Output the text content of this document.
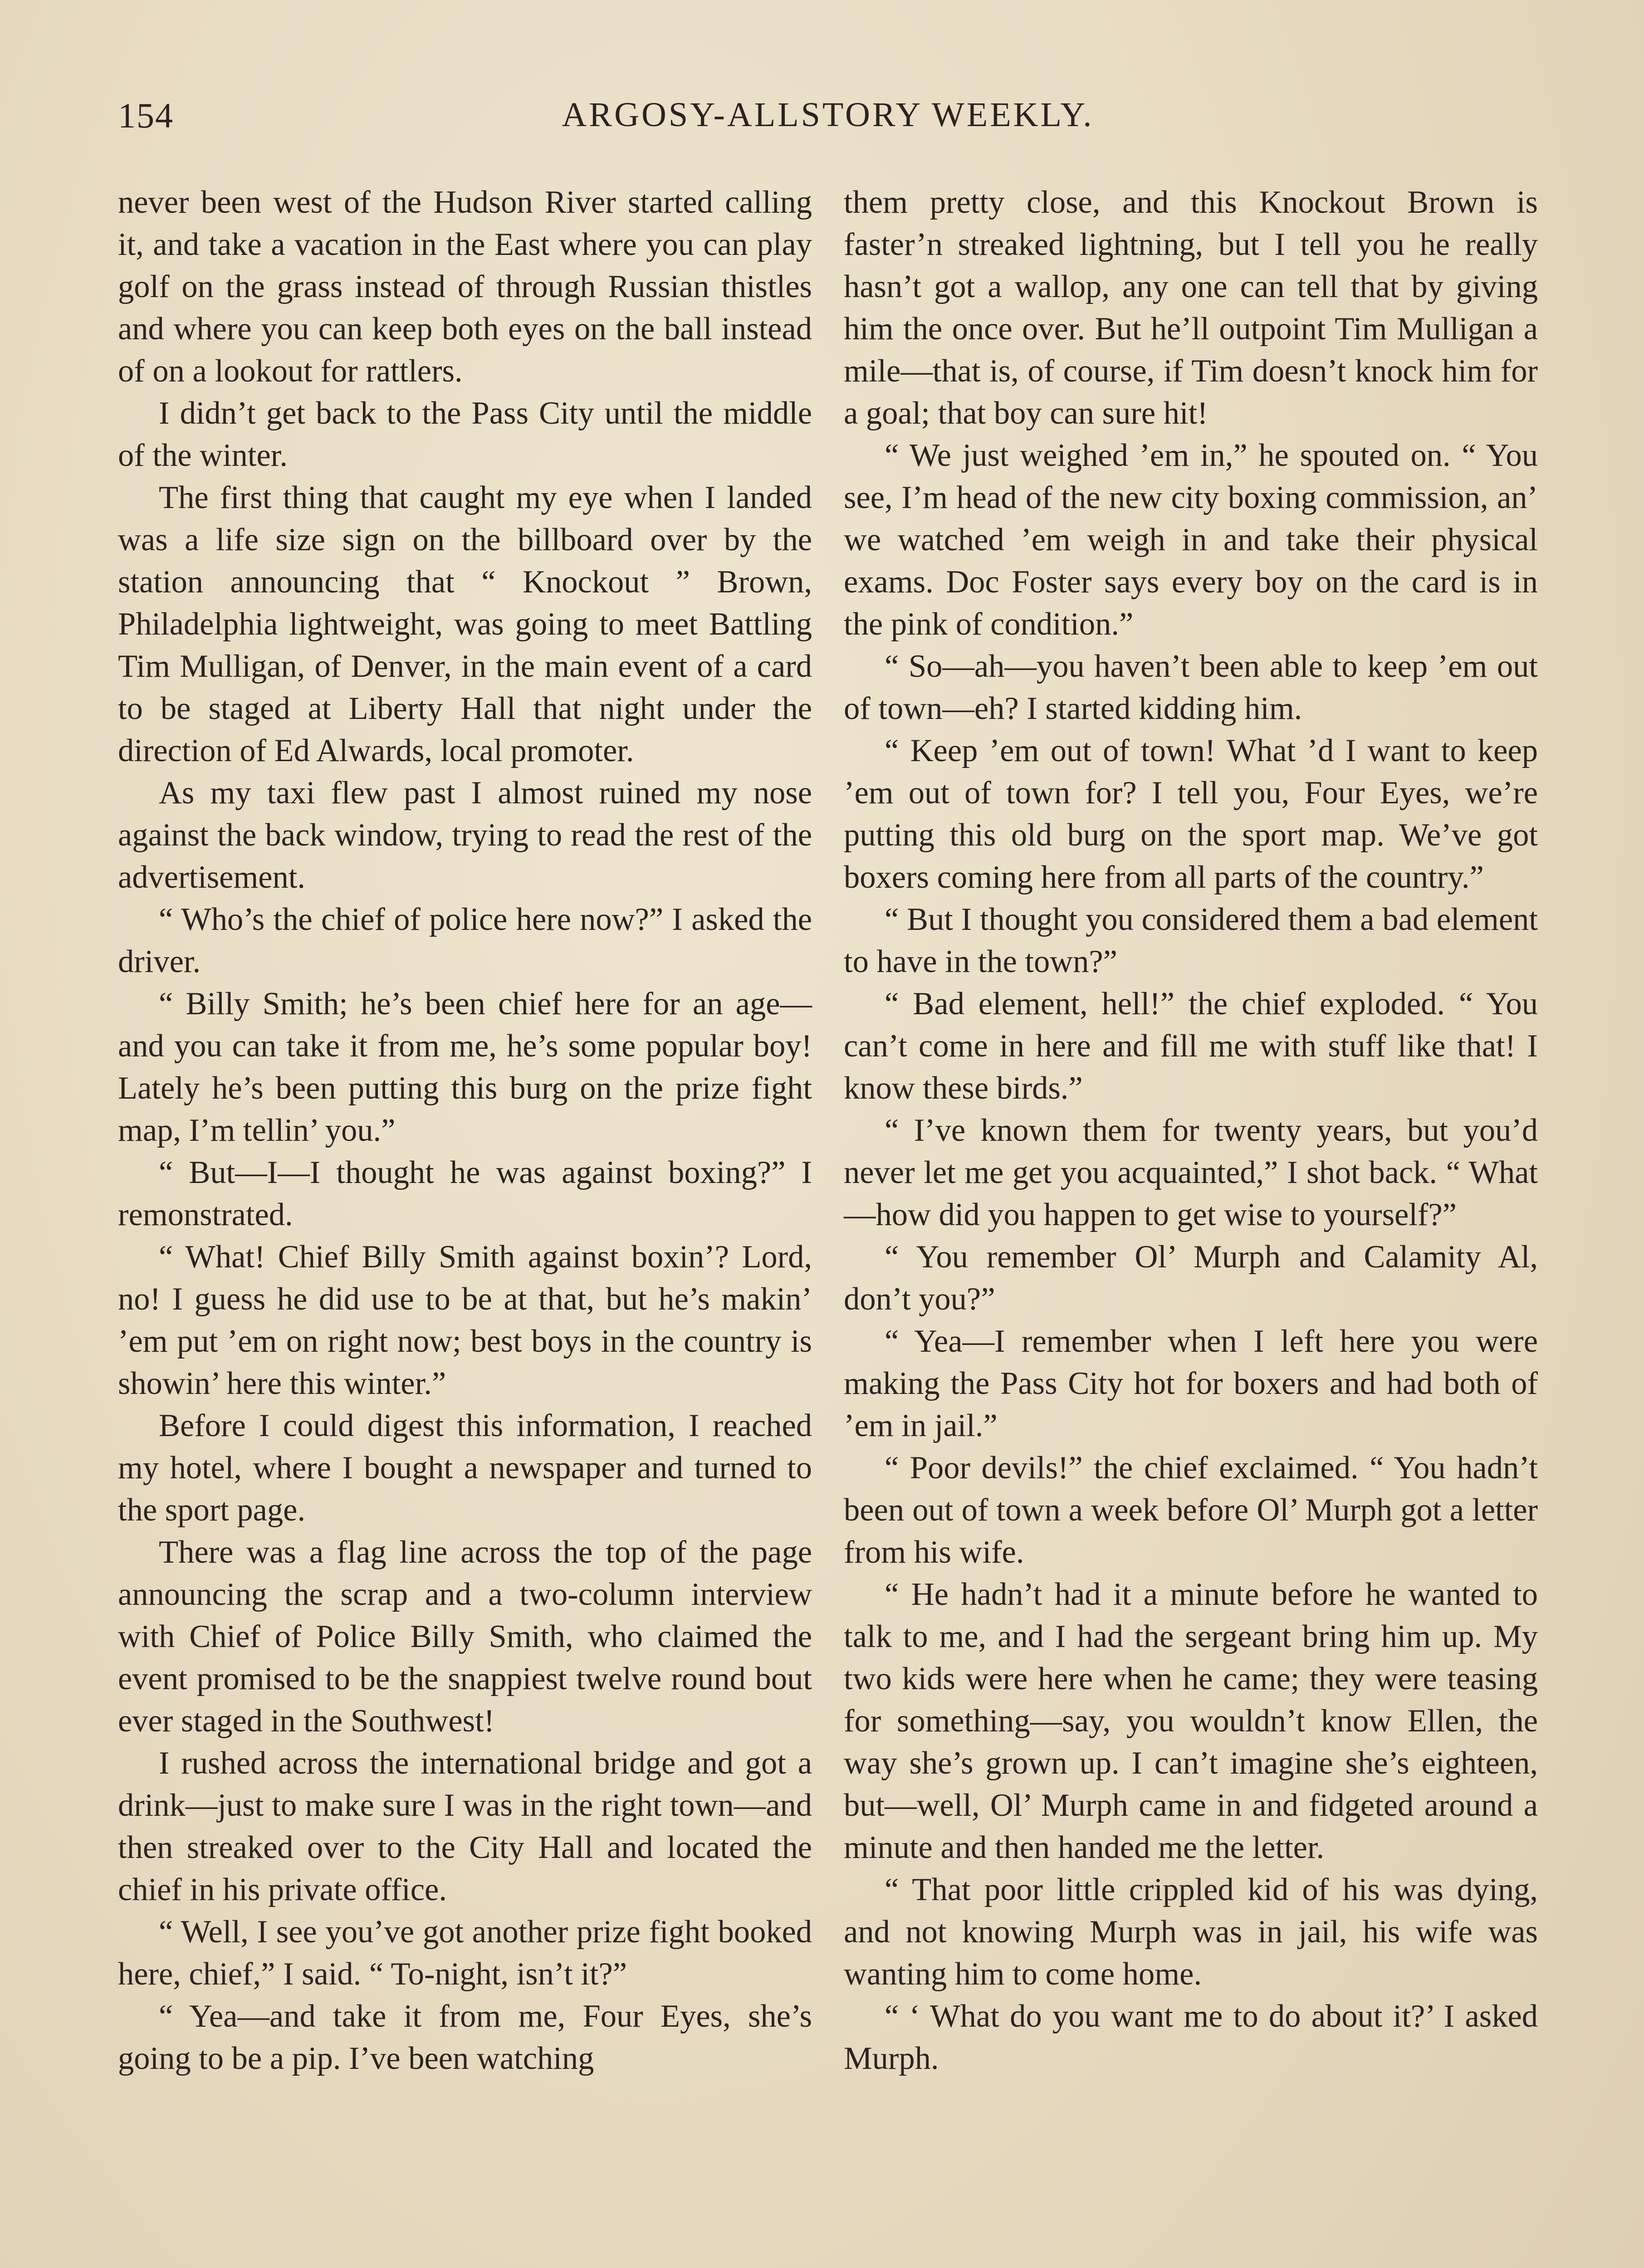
154	ARGOSY-ALLSTORY WEEKLY.

never been west of the Hudson River started calling it, and take a vacation in the East where you can play golf on the grass instead of through Russian thistles and where you can keep both eyes on the ball instead of on a lookout for rattlers.

I didn’t get back to the Pass City until the middle of the winter.

The first thing that caught my eye when I landed was a life size sign on the billboard over by the station announcing that “ Knockout ” Brown, Philadelphia lightweight, was going to meet Battling Tim Mulligan, of Denver, in the main event of a card to be staged at Liberty Hall that night under the direction of Ed Alwards, local promoter.

As my taxi flew past I almost ruined my nose against the back window, trying to read the rest of the advertisement.

“ Who’s the chief of police here now?” I asked the driver.

“ Billy Smith; he’s been chief here for an age—and you can take it from me, he’s some popular boy! Lately he’s been putting this burg on the prize fight map, I’m tellin’ you.”

“ But—I—I thought he was against boxing?” I remonstrated.

“ What! Chief Billy Smith against boxin’? Lord, no! I guess he did use to be at that, but he’s makin’ ’em put ’em on right now; best boys in the country is showin’ here this winter.”

Before I could digest this information, I reached my hotel, where I bought a newspaper and turned to the sport page.

There was a flag line across the top of the page announcing the scrap and a two-column interview with Chief of Police Billy Smith, who claimed the event promised to be the snappiest twelve round bout ever staged in the Southwest!

I rushed across the international bridge and got a drink—just to make sure I was in the right town—and then streaked over to the City Hall and located the chief in his private office.

“ Well, I see you’ve got another prize fight booked here, chief,” I said. “ To-night, isn’t it?”

“ Yea—and take it from me, Four Eyes, she’s going to be a pip. I’ve been watching

them pretty close, and this Knockout Brown is faster’n streaked lightning, but I tell you he really hasn’t got a wallop, any one can tell that by giving him the once over. But he’ll outpoint Tim Mulligan a mile—that is, of course, if Tim doesn’t knock him for a goal; that boy can sure hit!

“ We just weighed ’em in,” he spouted on. “ You see, I’m head of the new city boxing commission, an’ we watched ’em weigh in and take their physical exams. Doc Foster says every boy on the card is in the pink of condition.”

“ So—ah—you haven’t been able to keep ’em out of town—eh? I started kidding him.

“ Keep ’em out of town! What ’d I want to keep ’em out of town for? I tell you, Four Eyes, we’re putting this old burg on the sport map. We’ve got boxers coming here from all parts of the country.”

“ But I thought you considered them a bad element to have in the town?”

“ Bad element, hell!” the chief exploded. “ You can’t come in here and fill me with stuff like that! I know these birds.”

“ I’ve known them for twenty years, but you’d never let me get you acquainted,” I shot back. “ What—how did you happen to get wise to yourself?”

“ You remember Ol’ Murph and Calamity Al, don’t you?”

“ Yea—I remember when I left here you were making the Pass City hot for boxers and had both of ’em in jail.”

“ Poor devils!” the chief exclaimed. “ You hadn’t been out of town a week before Ol’ Murph got a letter from his wife.

“ He hadn’t had it a minute before he wanted to talk to me, and I had the sergeant bring him up. My two kids were here when he came; they were teasing for something—say, you wouldn’t know Ellen, the way she’s grown up. I can’t imagine she’s eighteen, but—well, Ol’ Murph came in and fidgeted around a minute and then handed me the letter.

“ That poor little crippled kid of his was dying, and not knowing Murph was in jail, his wife was wanting him to come home.

“ ‘ What do you want me to do about it?’ I asked Murph.
